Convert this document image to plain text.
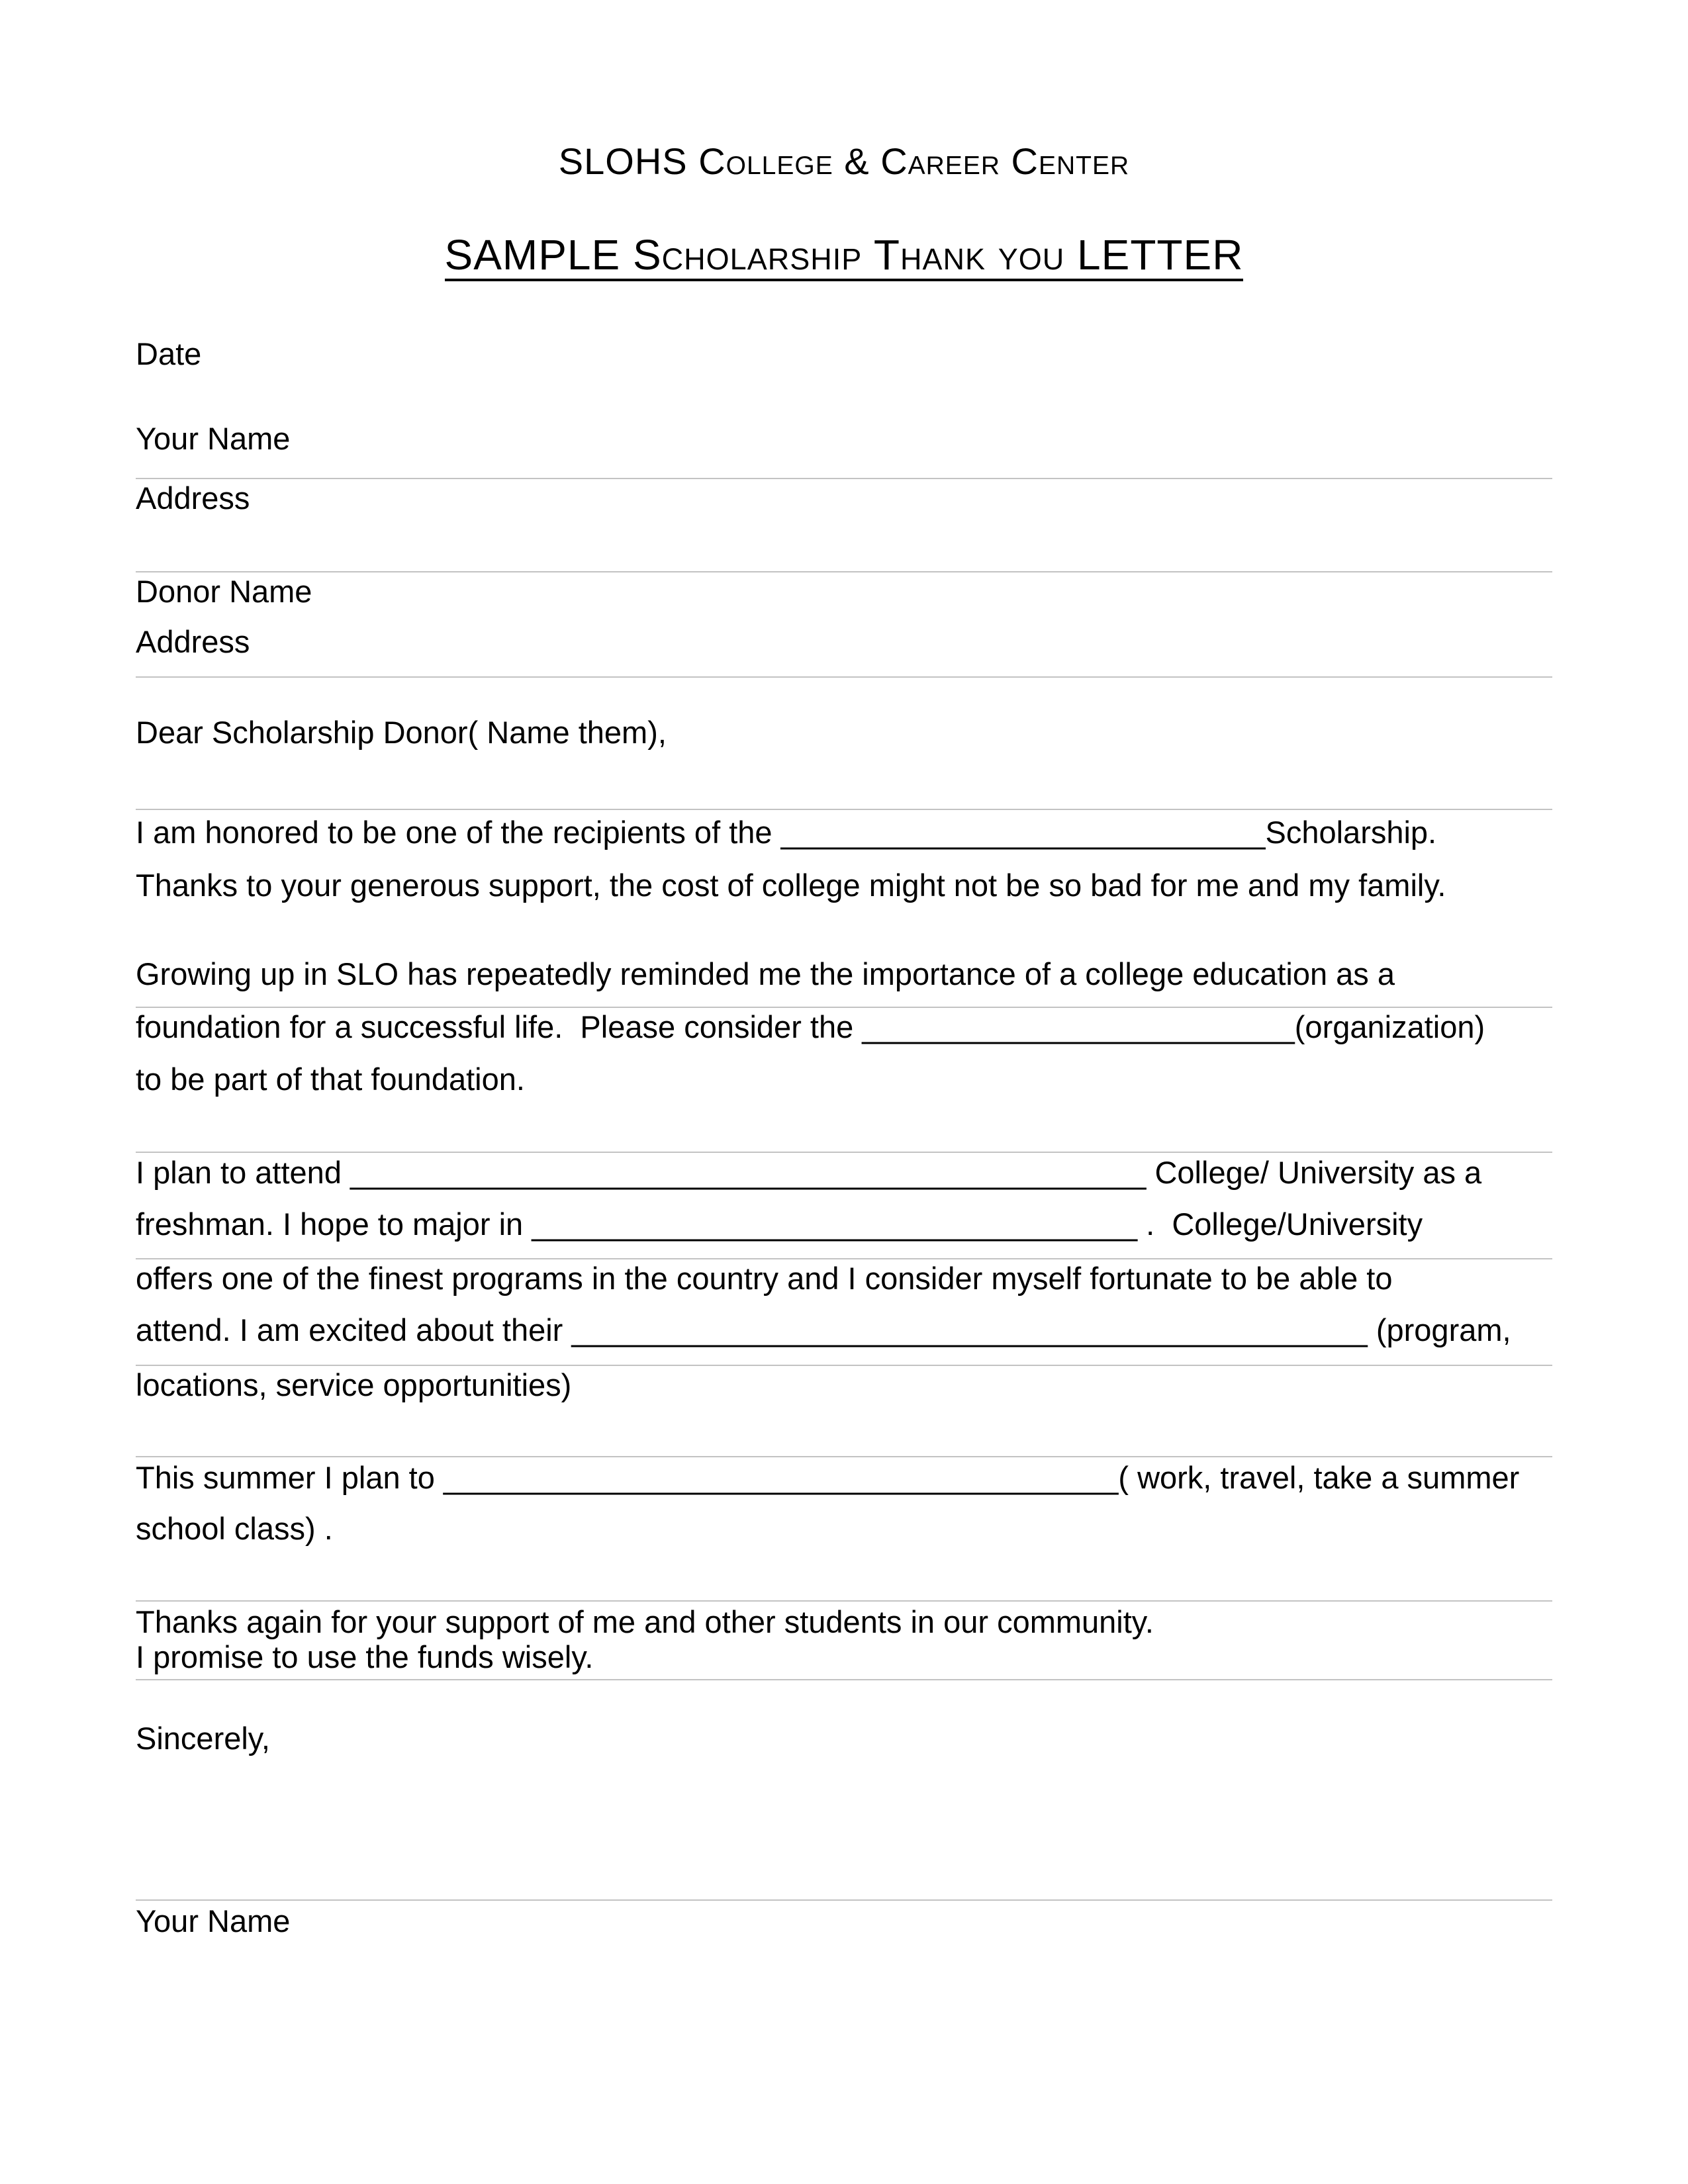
SLOHS College & Career Center
SAMPLE Scholarship Thank you LETTER
Date
Your Name
Address
Donor Name
Address
Dear Scholarship Donor( Name them),
I am honored to be one of the recipients of the ____________________________Scholarship.
Thanks to your generous support, the cost of college might not be so bad for me and my family.
Growing up in SLO has repeatedly reminded me the importance of a college education as a
foundation for a successful life.  Please consider the _________________________(organization)
to be part of that foundation.
I plan to attend ______________________________________________ College/ University as a
freshman. I hope to major in ___________________________________ .  College/University
offers one of the finest programs in the country and I consider myself fortunate to be able to
attend. I am excited about their ______________________________________________ (program,
locations, service opportunities)
This summer I plan to _______________________________________( work, travel, take a summer
school class) .
Thanks again for your support of me and other students in our community.
I promise to use the funds wisely.
Sincerely,
Your Name
